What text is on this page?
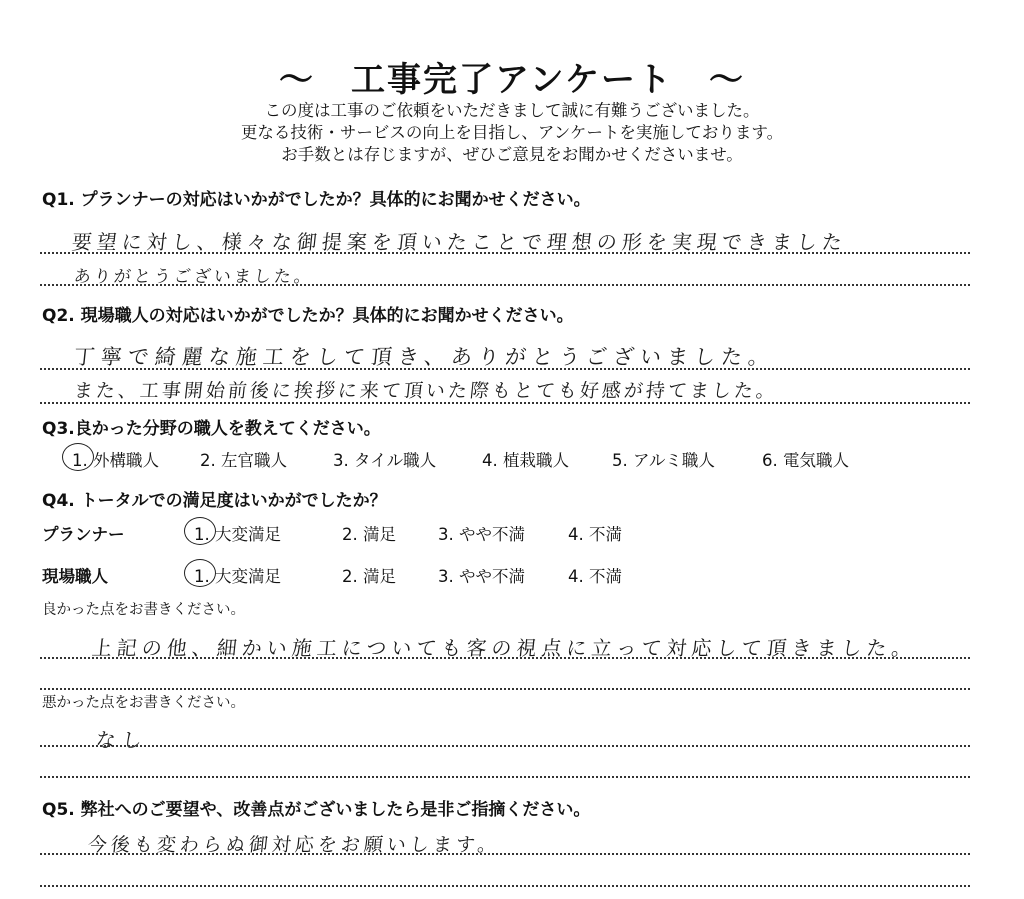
～　工事完了アンケート　～
この度は工事のご依頼をいただきまして誠に有難うございました。
更なる技術・サービスの向上を目指し、アンケートを実施しております。
お手数とは存じますが、ぜひご意見をお聞かせくださいませ。
Q1. プランナーの対応はいかがでしたか？具体的にお聞かせください。
要望に対し、様々な御提案を頂いたことで理想の形を実現できました
ありがとうございました。
Q2. 現場職人の対応はいかがでしたか？具体的にお聞かせください。
丁寧で綺麗な施工をして頂き、ありがとうございました。
また、工事開始前後に挨拶に来て頂いた際もとても好感が持てました。
Q3.良かった分野の職人を教えてください。
1. 外構職人 2. 左官職人	3. タイル職人	4. 植栽職人	5. アルミ職人	6. 電気職人
Q4. トータルでの満足度はいかがでしたか？
プランナー	1. 大変満足	2. 満足	3. やや不満	4. 不満
現場職人	1. 大変満足	2. 満足	3. やや不満	4. 不満
良かった点をお書きください。
上記の他、細かい施工についても客の視点に立って対応して頂きました。
悪かった点をお書きください。
なし
Q5. 弊社へのご要望や、改善点がございましたら是非ご指摘ください。
今後も変わらぬ御対応をお願いします。
